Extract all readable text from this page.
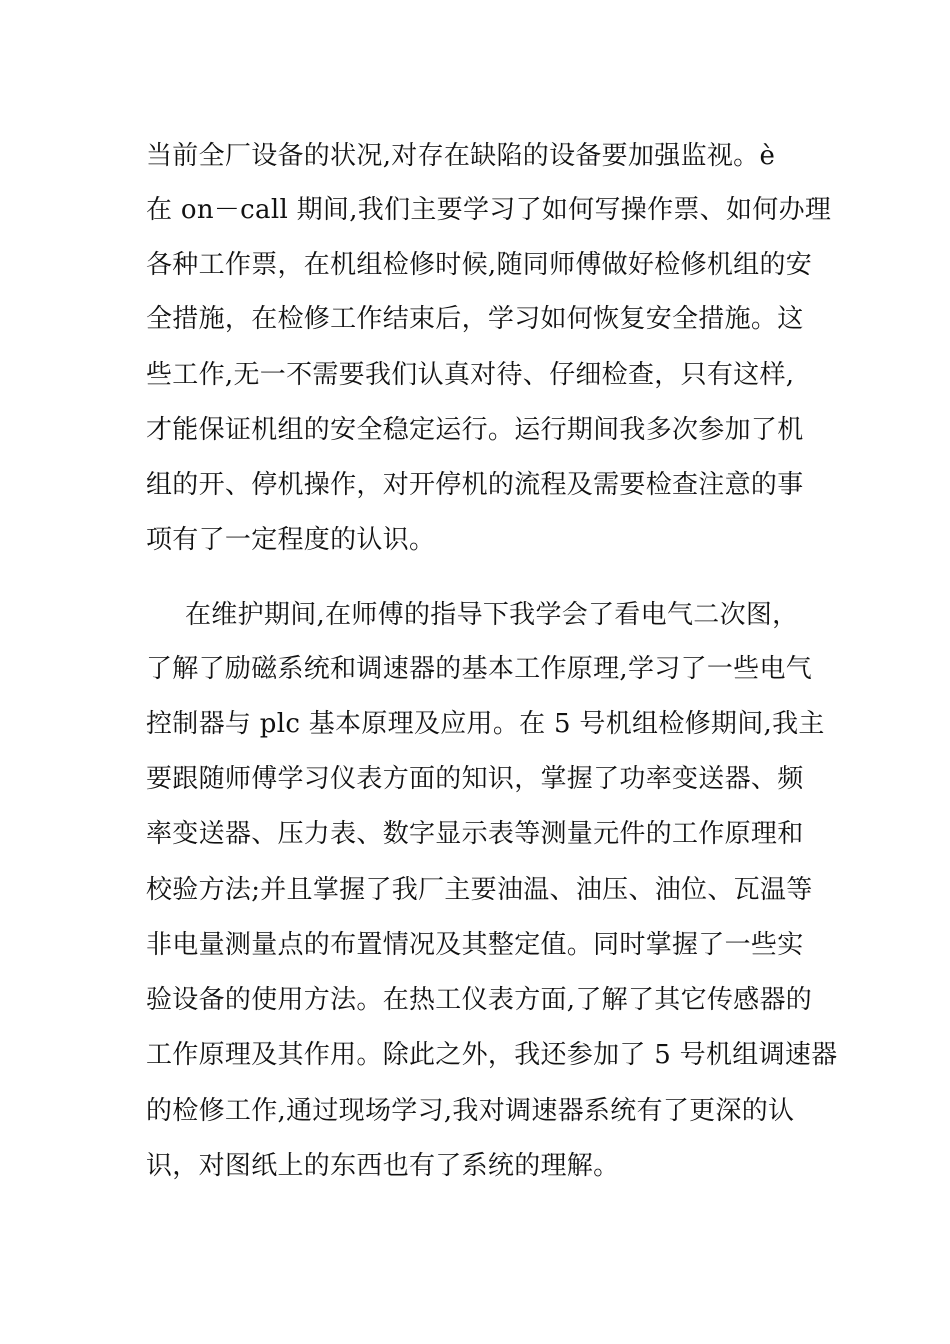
当前全厂设备的状况,对存在缺陷的设备要加强监视。ѐ
在 on－call 期间,我们主要学习了如何写操作票、如何办理
各种工作票，在机组检修时候,随同师傅做好检修机组的安
全措施，在检修工作结束后，学习如何恢复安全措施。这
些工作,无一不需要我们认真对待、仔细检查，只有这样,
才能保证机组的安全稳定运行。运行期间我多次参加了机
组的开、停机操作，对开停机的流程及需要检查注意的事
项有了一定程度的认识。
在维护期间,在师傅的指导下我学会了看电气二次图，
了解了励磁系统和调速器的基本工作原理,学习了一些电气
控制器与 plc 基本原理及应用。在 5 号机组检修期间,我主
要跟随师傅学习仪表方面的知识，掌握了功率变送器、频
率变送器、压力表、数字显示表等测量元件的工作原理和
校验方法;并且掌握了我厂主要油温、油压、油位、瓦温等
非电量测量点的布置情况及其整定值。同时掌握了一些实
验设备的使用方法。在热工仪表方面,了解了其它传感器的
工作原理及其作用。除此之外，我还参加了 5 号机组调速器
的检修工作,通过现场学习,我对调速器系统有了更深的认
识，对图纸上的东西也有了系统的理解。
